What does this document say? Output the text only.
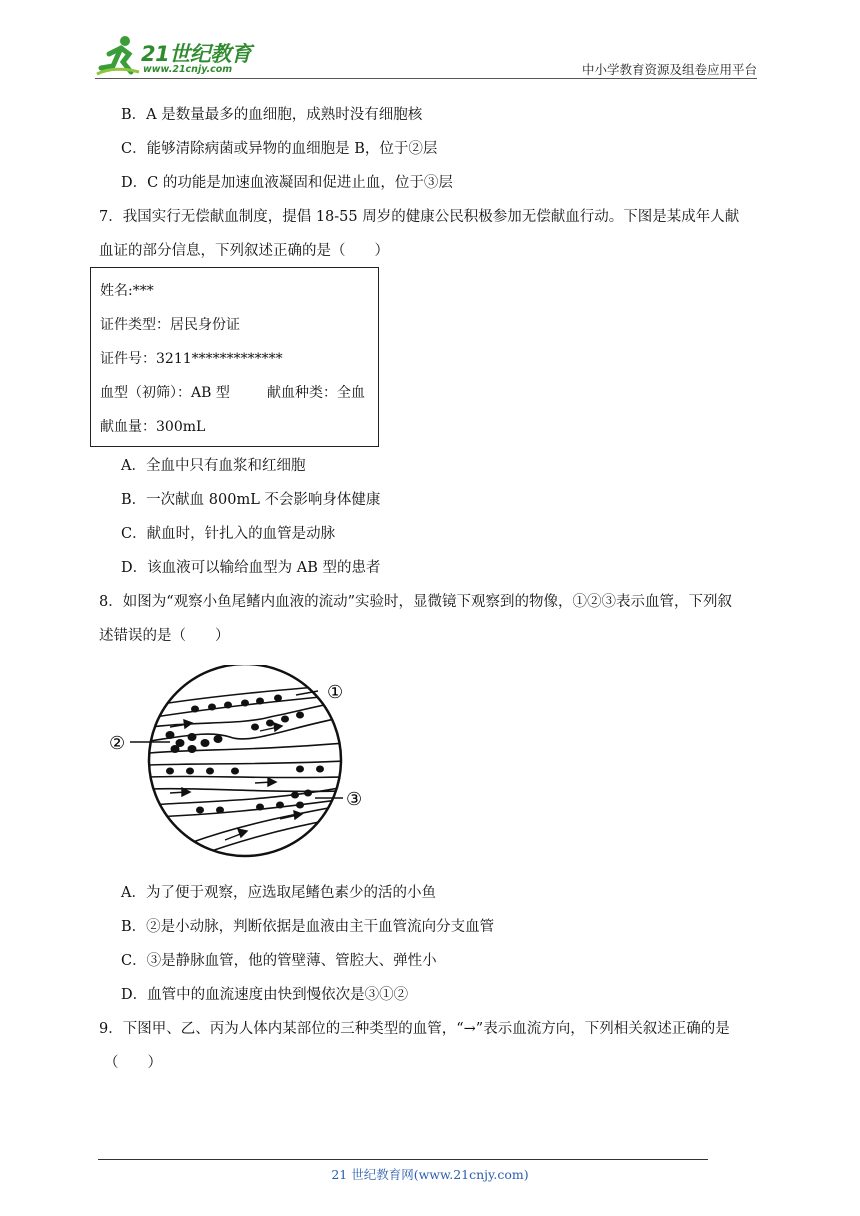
21世纪教育
www.21cnjy.com	中小学教育资源及组卷应用平台
B．A 是数量最多的血细胞，成熟时没有细胞核
C．能够清除病菌或异物的血细胞是 B，位于②层
D．C 的功能是加速血液凝固和促进止血，位于③层
7．我国实行无偿献血制度，提倡 18-55 周岁的健康公民积极参加无偿献血行动。下图是某成年人献
血证的部分信息，下列叙述正确的是（　　）
姓名:***
证件类型：居民身份证
证件号：3211*************
血型（初筛）：AB 型	献血种类：全血
献血量：300mL
A．全血中只有血浆和红细胞
B．一次献血 800mL 不会影响身体健康
C．献血时，针扎入的血管是动脉
D．该血液可以输给血型为 AB 型的患者
8．如图为“观察小鱼尾鳍内血液的流动”实验时，显微镜下观察到的物像，①②③表示血管，下列叙
述错误的是（　　）
①
②
③
A．为了便于观察，应选取尾鳍色素少的活的小鱼
B．②是小动脉，判断依据是血液由主干血管流向分支血管
C．③是静脉血管，他的管壁薄、管腔大、弹性小
D．血管中的血流速度由快到慢依次是③①②
9．下图甲、乙、丙为人体内某部位的三种类型的血管，“→”表示血流方向，下列相关叙述正确的是
（　　）
21 世纪教育网(www.21cnjy.com)
